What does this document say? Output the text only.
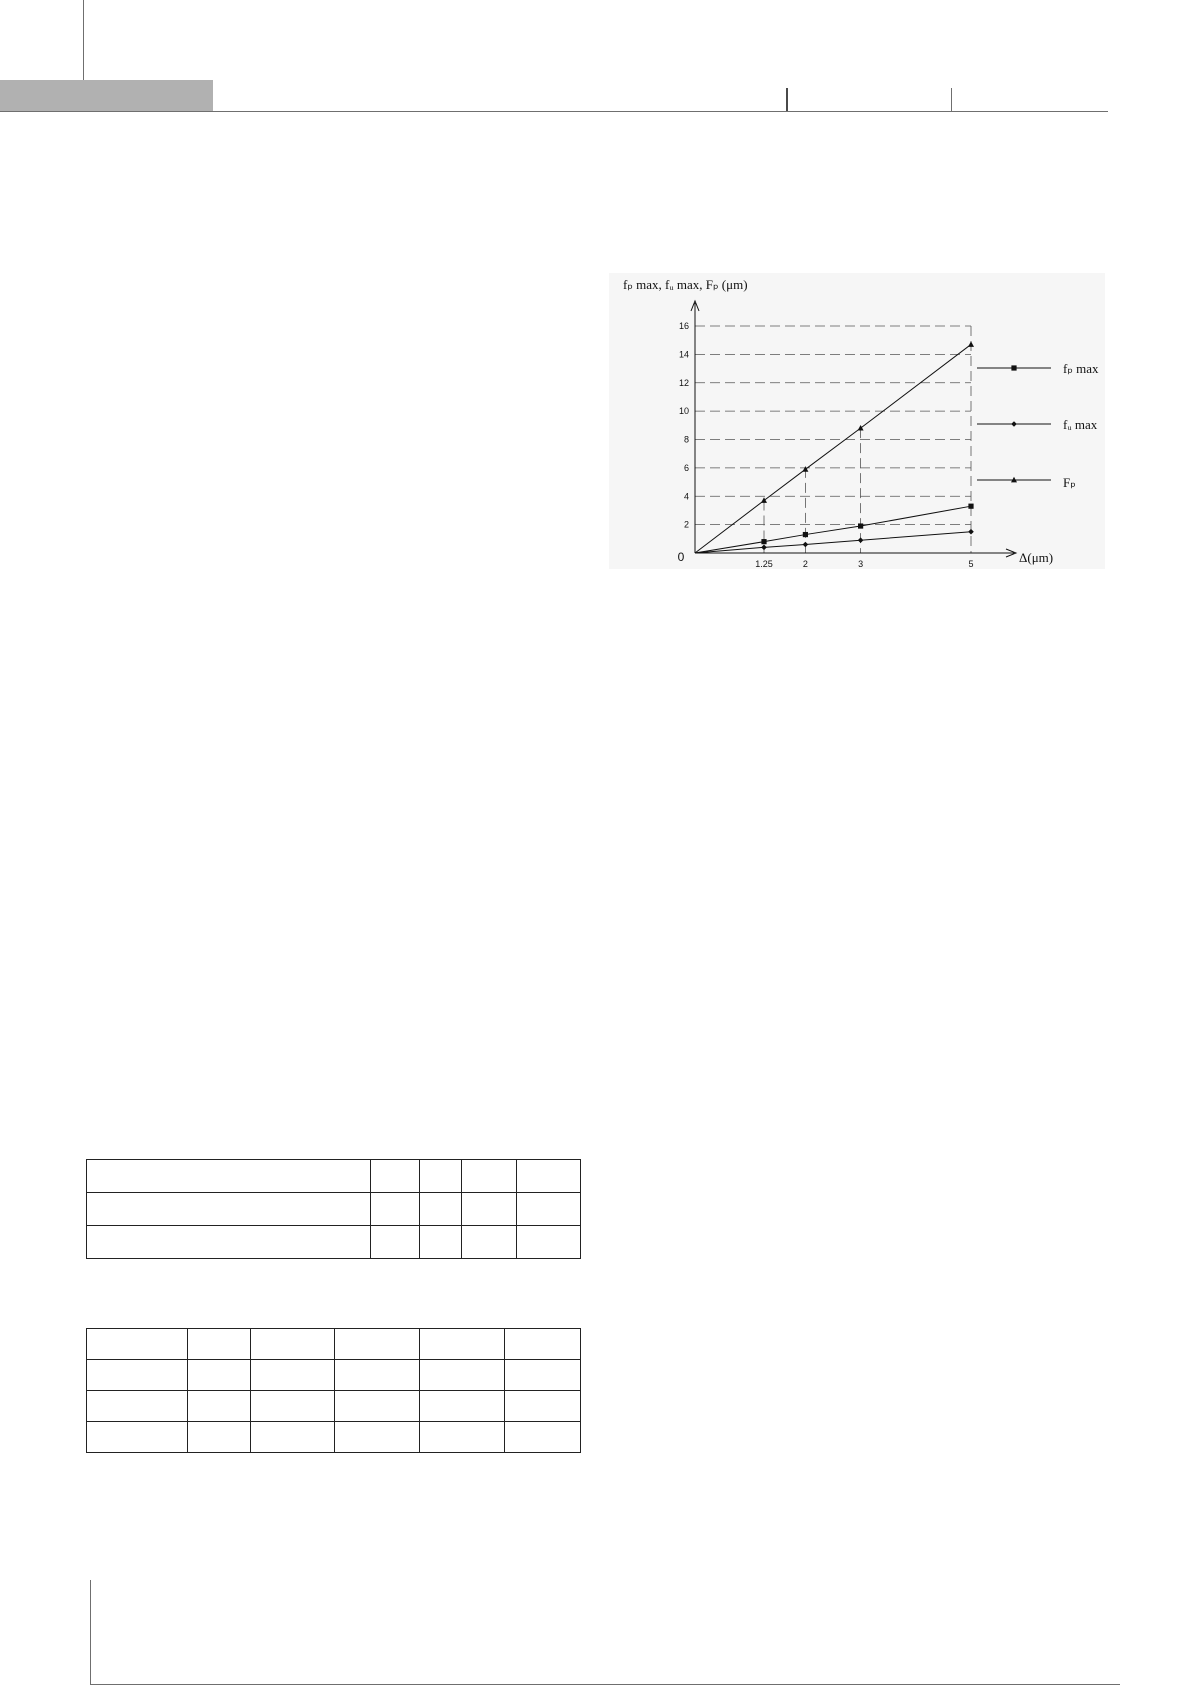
2
4
6
8
10
12
14
16
1.25	2	3	5
0
fₚ max, fᵤ max, Fₚ (μm)
Δ(μm)
fₚ max
fᵤ max
Fₚ
